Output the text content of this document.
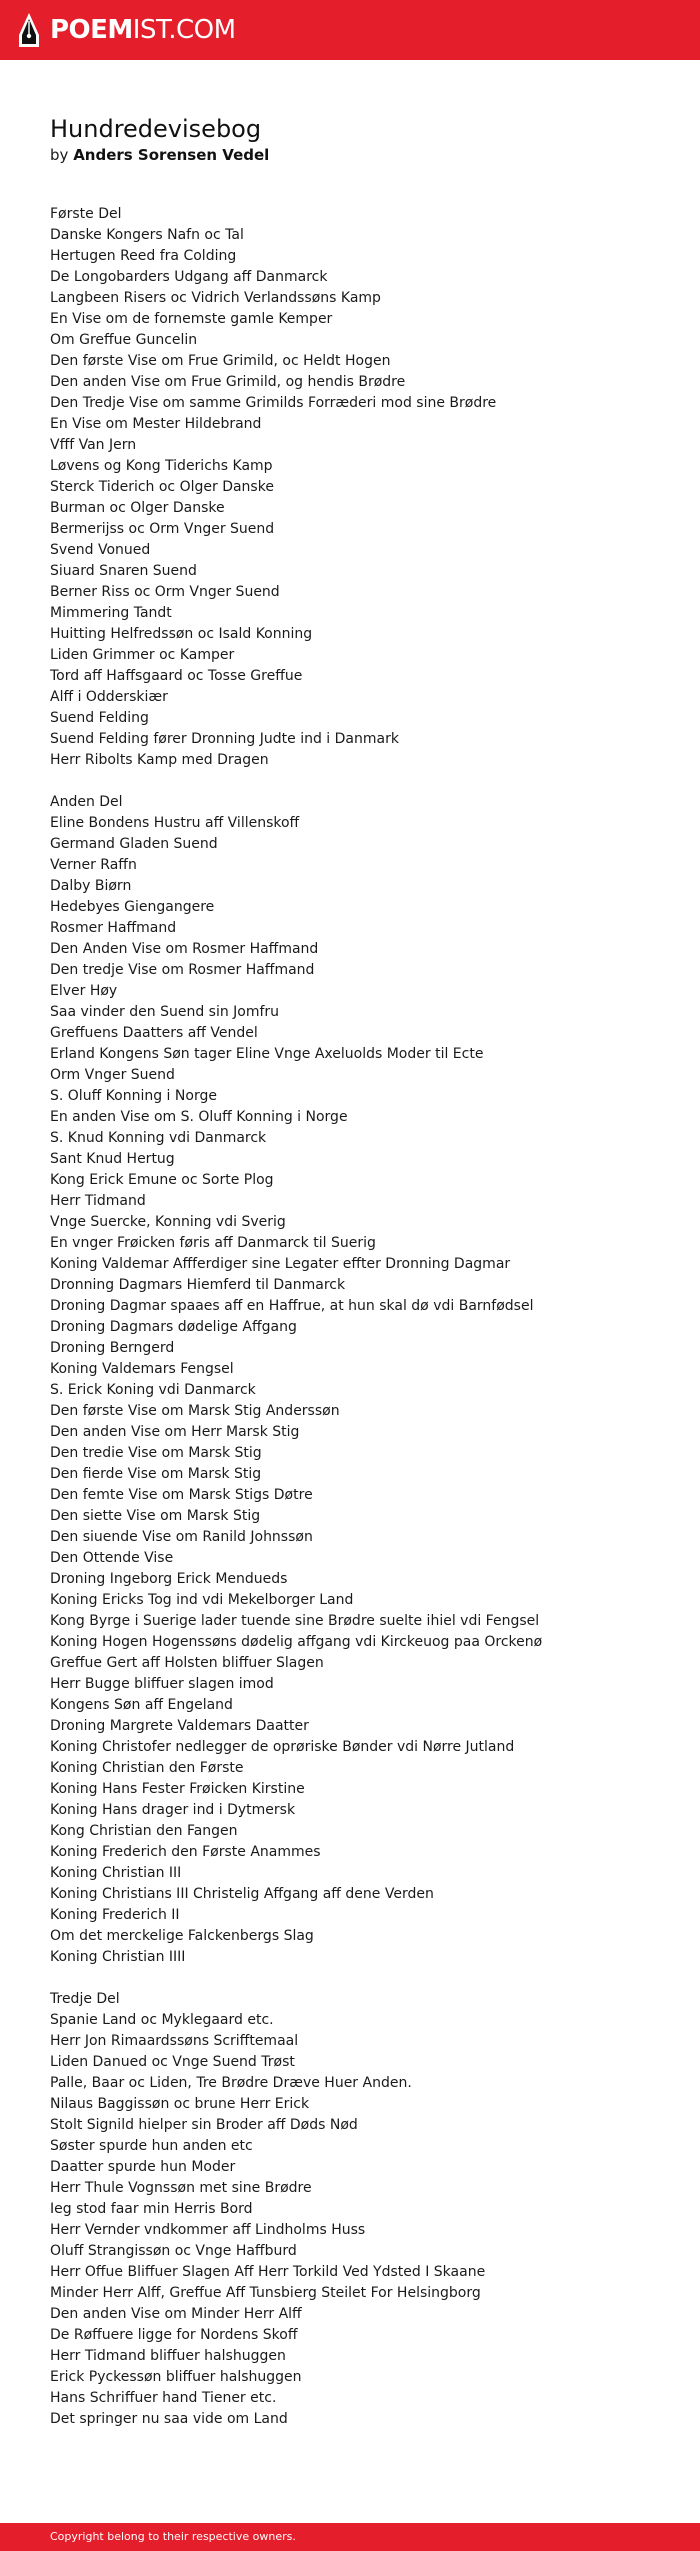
POEMIST.COM
Hundredevisebog
by Anders Sorensen Vedel
Første Del
Danske Kongers Nafn oc Tal
Hertugen Reed fra Colding
De Longobarders Udgang aff Danmarck
Langbeen Risers oc Vidrich Verlandssøns Kamp
En Vise om de fornemste gamle Kemper
Om Greffue Guncelin
Den første Vise om Frue Grimild, oc Heldt Hogen
Den anden Vise om Frue Grimild, og hendis Brødre
Den Tredje Vise om samme Grimilds Forræderi mod sine Brødre
En Vise om Mester Hildebrand
Vfff Van Jern
Løvens og Kong Tiderichs Kamp
Sterck Tiderich oc Olger Danske
Burman oc Olger Danske
Bermerijss oc Orm Vnger Suend
Svend Vonued
Siuard Snaren Suend
Berner Riss oc Orm Vnger Suend
Mimmering Tandt
Huitting Helfredssøn oc Isald Konning
Liden Grimmer oc Kamper
Tord aff Haffsgaard oc Tosse Greffue
Alff i Odderskiær
Suend Felding
Suend Felding fører Dronning Judte ind i Danmark
Herr Ribolts Kamp med Dragen
Anden Del
Eline Bondens Hustru aff Villenskoff
Germand Gladen Suend
Verner Raffn
Dalby Biørn
Hedebyes Giengangere
Rosmer Haffmand
Den Anden Vise om Rosmer Haffmand
Den tredje Vise om Rosmer Haffmand
Elver Høy
Saa vinder den Suend sin Jomfru
Greffuens Daatters aff Vendel
Erland Kongens Søn tager Eline Vnge Axeluolds Moder til Ecte
Orm Vnger Suend
S. Oluff Konning i Norge
En anden Vise om S. Oluff Konning i Norge
S. Knud Konning vdi Danmarck
Sant Knud Hertug
Kong Erick Emune oc Sorte Plog
Herr Tidmand
Vnge Suercke, Konning vdi Sverig
En vnger Frøicken føris aff Danmarck til Suerig
Koning Valdemar Affferdiger sine Legater effter Dronning Dagmar
Dronning Dagmars Hiemferd til Danmarck
Droning Dagmar spaaes aff en Haffrue, at hun skal dø vdi Barnfødsel
Droning Dagmars dødelige Affgang
Droning Berngerd
Koning Valdemars Fengsel
S. Erick Koning vdi Danmarck
Den første Vise om Marsk Stig Anderssøn
Den anden Vise om Herr Marsk Stig
Den tredie Vise om Marsk Stig
Den fierde Vise om Marsk Stig
Den femte Vise om Marsk Stigs Døtre
Den siette Vise om Marsk Stig
Den siuende Vise om Ranild Johnssøn
Den Ottende Vise
Droning Ingeborg Erick Mendueds
Koning Ericks Tog ind vdi Mekelborger Land
Kong Byrge i Suerige lader tuende sine Brødre suelte ihiel vdi Fengsel
Koning Hogen Hogenssøns dødelig affgang vdi Kirckeuog paa Orckenø
Greffue Gert aff Holsten bliffuer Slagen
Herr Bugge bliffuer slagen imod
Kongens Søn aff Engeland
Droning Margrete Valdemars Daatter
Koning Christofer nedlegger de oprøriske Bønder vdi Nørre Jutland
Koning Christian den Første
Koning Hans Fester Frøicken Kirstine
Koning Hans drager ind i Dytmersk
Kong Christian den Fangen
Koning Frederich den Første Anammes
Koning Christian III
Koning Christians III Christelig Affgang aff dene Verden
Koning Frederich II
Om det merckelige Falckenbergs Slag
Koning Christian IIII
Tredje Del
Spanie Land oc Myklegaard etc.
Herr Jon Rimaardssøns Scrifftemaal
Liden Danued oc Vnge Suend Trøst
Palle, Baar oc Liden, Tre Brødre Dræve Huer Anden.
Nilaus Baggissøn oc brune Herr Erick
Stolt Signild hielper sin Broder aff Døds Nød
Søster spurde hun anden etc
Daatter spurde hun Moder
Herr Thule Vognssøn met sine Brødre
Ieg stod faar min Herris Bord
Herr Vernder vndkommer aff Lindholms Huss
Oluff Strangissøn oc Vnge Haffburd
Herr Offue Bliffuer Slagen Aff Herr Torkild Ved Ydsted I Skaane
Minder Herr Alff, Greffue Aff Tunsbierg Steilet For Helsingborg
Den anden Vise om Minder Herr Alff
De Røffuere ligge for Nordens Skoff
Herr Tidmand bliffuer halshuggen
Erick Pyckessøn bliffuer halshuggen
Hans Schriffuer hand Tiener etc.
Det springer nu saa vide om Land
Copyright belong to their respective owners.
